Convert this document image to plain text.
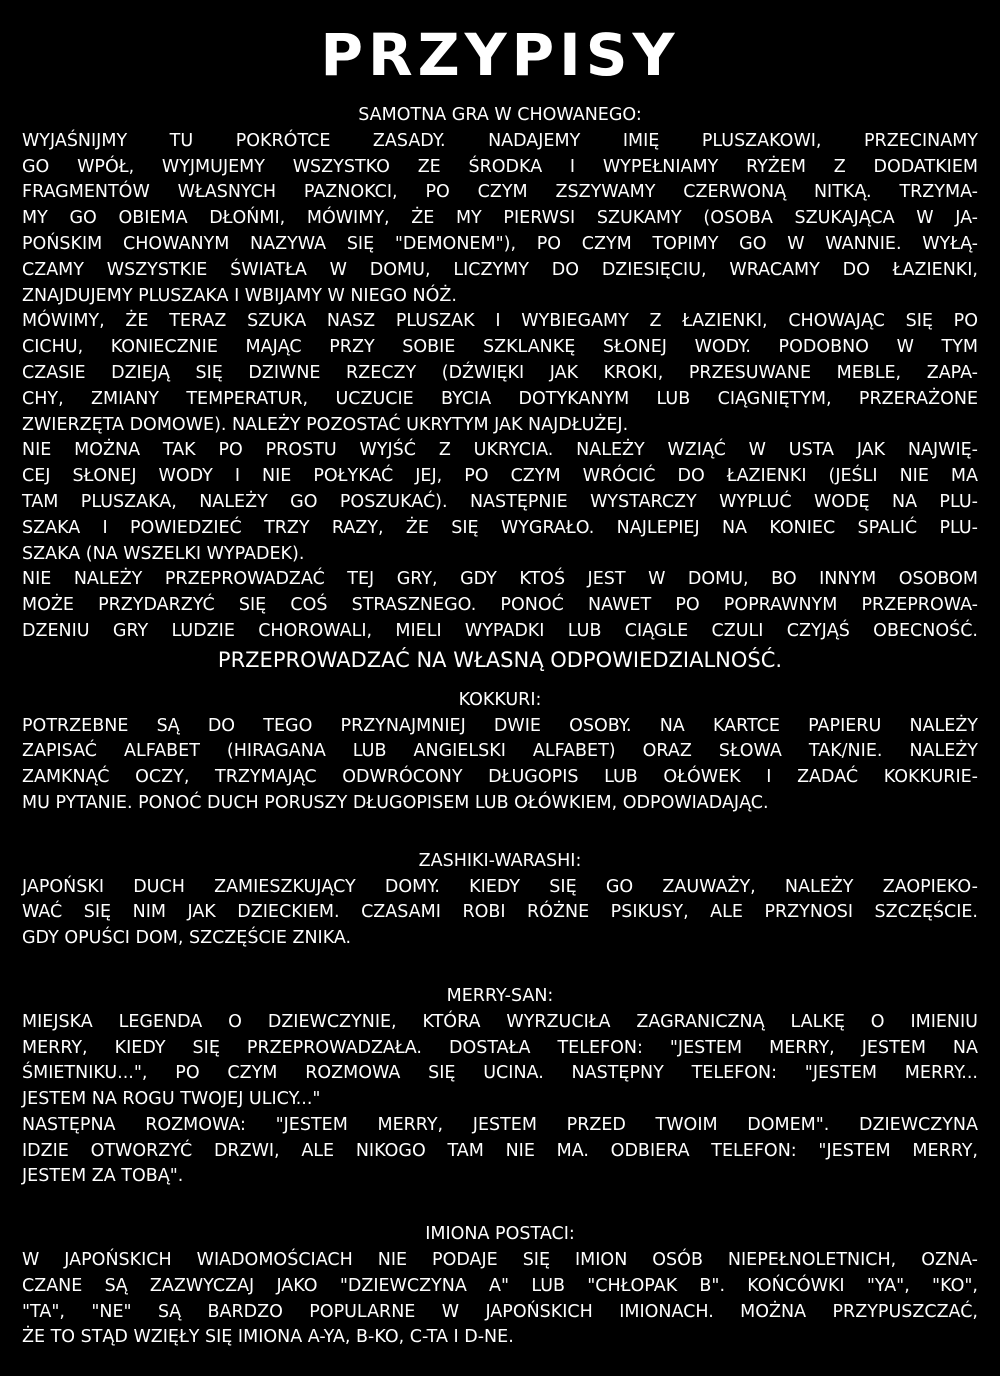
PRZYPISY
SAMOTNA GRA W CHOWANEGO:
WYJAŚNIJMY TU POKRÓTCE ZASADY. NADAJEMY IMIĘ PLUSZAKOWI, PRZECINAMY
GO WPÓŁ, WYJMUJEMY WSZYSTKO ZE ŚRODKA I WYPEŁNIAMY RYŻEM Z DODATKIEM
FRAGMENTÓW WŁASNYCH PAZNOKCI, PO CZYM ZSZYWAMY CZERWONĄ NITKĄ. TRZYMA-
MY GO OBIEMA DŁOŃMI, MÓWIMY, ŻE MY PIERWSI SZUKAMY (OSOBA SZUKAJĄCA W JA-
POŃSKIM CHOWANYM NAZYWA SIĘ "DEMONEM"), PO CZYM TOPIMY GO W WANNIE. WYŁĄ-
CZAMY WSZYSTKIE ŚWIATŁA W DOMU, LICZYMY DO DZIESIĘCIU, WRACAMY DO ŁAZIENKI,
ZNAJDUJEMY PLUSZAKA I WBIJAMY W NIEGO NÓŻ.
MÓWIMY, ŻE TERAZ SZUKA NASZ PLUSZAK I WYBIEGAMY Z ŁAZIENKI, CHOWAJĄC SIĘ PO
CICHU, KONIECZNIE MAJĄC PRZY SOBIE SZKLANKĘ SŁONEJ WODY. PODOBNO W TYM
CZASIE DZIEJĄ SIĘ DZIWNE RZECZY (DŹWIĘKI JAK KROKI, PRZESUWANE MEBLE, ZAPA-
CHY, ZMIANY TEMPERATUR, UCZUCIE BYCIA DOTYKANYM LUB CIĄGNIĘTYM, PRZERAŻONE
ZWIERZĘTA DOMOWE). NALEŻY POZOSTAĆ UKRYTYM JAK NAJDŁUŻEJ.
NIE MOŻNA TAK PO PROSTU WYJŚĆ Z UKRYCIA. NALEŻY WZIĄĆ W USTA JAK NAJWIĘ-
CEJ SŁONEJ WODY I NIE POŁYKAĆ JEJ, PO CZYM WRÓCIĆ DO ŁAZIENKI (JEŚLI NIE MA
TAM PLUSZAKA, NALEŻY GO POSZUKAĆ). NASTĘPNIE WYSTARCZY WYPLUĆ WODĘ NA PLU-
SZAKA I POWIEDZIEĆ TRZY RAZY, ŻE SIĘ WYGRAŁO. NAJLEPIEJ NA KONIEC SPALIĆ PLU-
SZAKA (NA WSZELKI WYPADEK).
NIE NALEŻY PRZEPROWADZAĆ TEJ GRY, GDY KTOŚ JEST W DOMU, BO INNYM OSOBOM
MOŻE PRZYDARZYĆ SIĘ COŚ STRASZNEGO. PONOĆ NAWET PO POPRAWNYM PRZEPROWA-
DZENIU GRY LUDZIE CHOROWALI, MIELI WYPADKI LUB CIĄGLE CZULI CZYJĄŚ OBECNOŚĆ.
PRZEPROWADZAĆ NA WŁASNĄ ODPOWIEDZIALNOŚĆ.
KOKKURI:
POTRZEBNE SĄ DO TEGO PRZYNAJMNIEJ DWIE OSOBY. NA KARTCE PAPIERU NALEŻY
ZAPISAĆ ALFABET (HIRAGANA LUB ANGIELSKI ALFABET) ORAZ SŁOWA TAK/NIE. NALEŻY
ZAMKNĄĆ OCZY, TRZYMAJĄC ODWRÓCONY DŁUGOPIS LUB OŁÓWEK I ZADAĆ KOKKURIE-
MU PYTANIE. PONOĆ DUCH PORUSZY DŁUGOPISEM LUB OŁÓWKIEM, ODPOWIADAJĄC.
ZASHIKI-WARASHI:
JAPOŃSKI DUCH ZAMIESZKUJĄCY DOMY. KIEDY SIĘ GO ZAUWAŻY, NALEŻY ZAOPIEKO-
WAĆ SIĘ NIM JAK DZIECKIEM. CZASAMI ROBI RÓŻNE PSIKUSY, ALE PRZYNOSI SZCZĘŚCIE.
GDY OPUŚCI DOM, SZCZĘŚCIE ZNIKA.
MERRY-SAN:
MIEJSKA LEGENDA O DZIEWCZYNIE, KTÓRA WYRZUCIŁA ZAGRANICZNĄ LALKĘ O IMIENIU
MERRY, KIEDY SIĘ PRZEPROWADZAŁA. DOSTAŁA TELEFON: "JESTEM MERRY, JESTEM NA
ŚMIETNIKU...", PO CZYM ROZMOWA SIĘ UCINA. NASTĘPNY TELEFON: "JESTEM MERRY...
JESTEM NA ROGU TWOJEJ ULICY..."
NASTĘPNA ROZMOWA: "JESTEM MERRY, JESTEM PRZED TWOIM DOMEM". DZIEWCZYNA
IDZIE OTWORZYĆ DRZWI, ALE NIKOGO TAM NIE MA. ODBIERA TELEFON: "JESTEM MERRY,
JESTEM ZA TOBĄ".
IMIONA POSTACI:
W JAPOŃSKICH WIADOMOŚCIACH NIE PODAJE SIĘ IMION OSÓB NIEPEŁNOLETNICH, OZNA-
CZANE SĄ ZAZWYCZAJ JAKO "DZIEWCZYNA A" LUB "CHŁOPAK B". KOŃCÓWKI "YA", "KO",
"TA", "NE" SĄ BARDZO POPULARNE W JAPOŃSKICH IMIONACH. MOŻNA PRZYPUSZCZAĆ,
ŻE TO STĄD WZIĘŁY SIĘ IMIONA A-YA, B-KO, C-TA I D-NE.
